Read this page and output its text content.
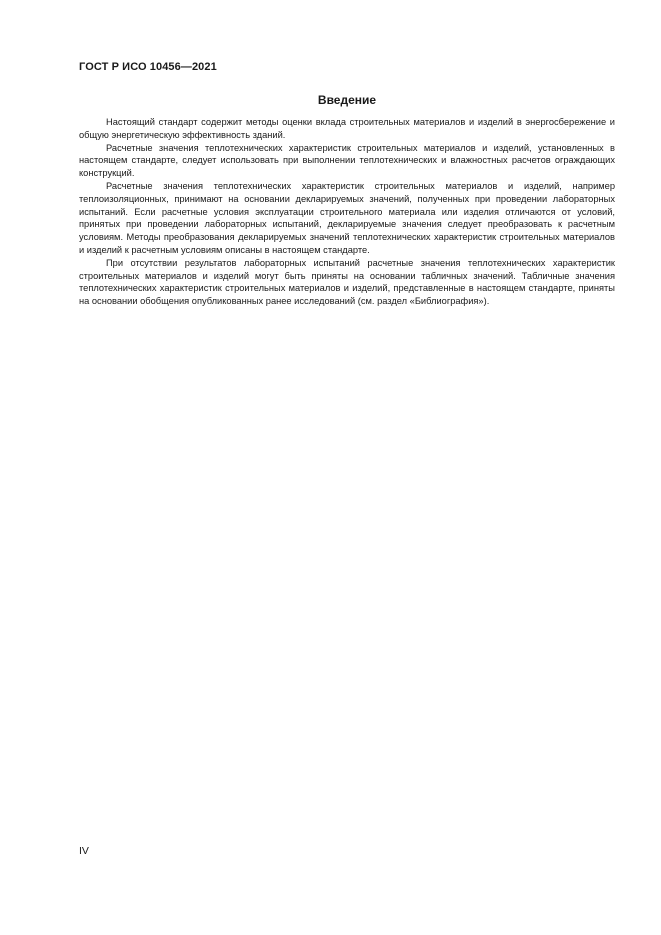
ГОСТ Р ИСО 10456—2021
Введение

Настоящий стандарт содержит методы оценки вклада строительных материалов и изделий в энергосбережение и общую энергетическую эффективность зданий.

Расчетные значения теплотехнических характеристик строительных материалов и изделий, установленных в настоящем стандарте, следует использовать при выполнении теплотехнических и влажностных расчетов ограждающих конструкций.

Расчетные значения теплотехнических характеристик строительных материалов и изделий, например теплоизоляционных, принимают на основании декларируемых значений, полученных при проведении лабораторных испытаний. Если расчетные условия эксплуатации строительного материала или изделия отличаются от условий, принятых при проведении лабораторных испытаний, декларируемые значения следует преобразовать к расчетным условиям. Методы преобразования декларируемых значений теплотехнических характеристик строительных материалов и изделий к расчетным условиям описаны в настоящем стандарте.

При отсутствии результатов лабораторных испытаний расчетные значения теплотехнических характеристик строительных материалов и изделий могут быть приняты на основании табличных значений. Табличные значения теплотехнических характеристик строительных материалов и изделий, представленные в настоящем стандарте, приняты на основании обобщения опубликованных ранее исследований (см. раздел «Библиография»).

IV
